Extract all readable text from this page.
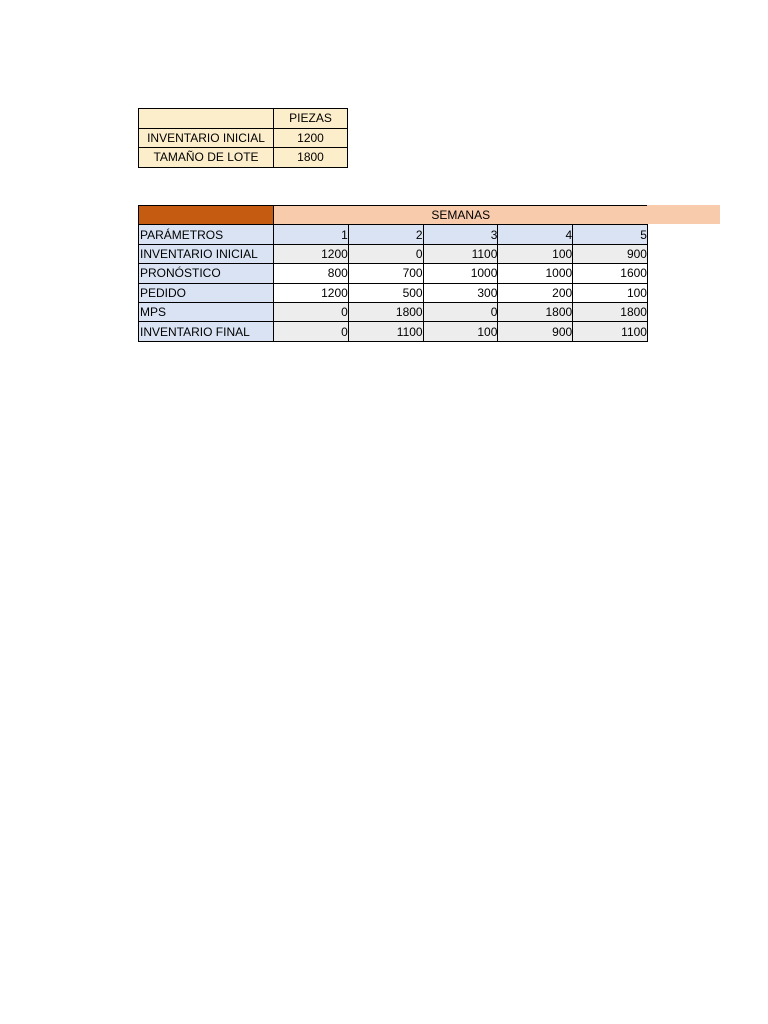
	PIEZAS
INVENTARIO INICIAL	1200
TAMAÑO DE LOTE	1800
	SEMANAS				
PARÁMETROS	1	2	3	4	5
INVENTARIO INICIAL	1200	0	1100	100	900
PRONÓSTICO	800	700	1000	1000	1600
PEDIDO	1200	500	300	200	100
MPS	0	1800	0	1800	1800
INVENTARIO FINAL	0	1100	100	900	1100
